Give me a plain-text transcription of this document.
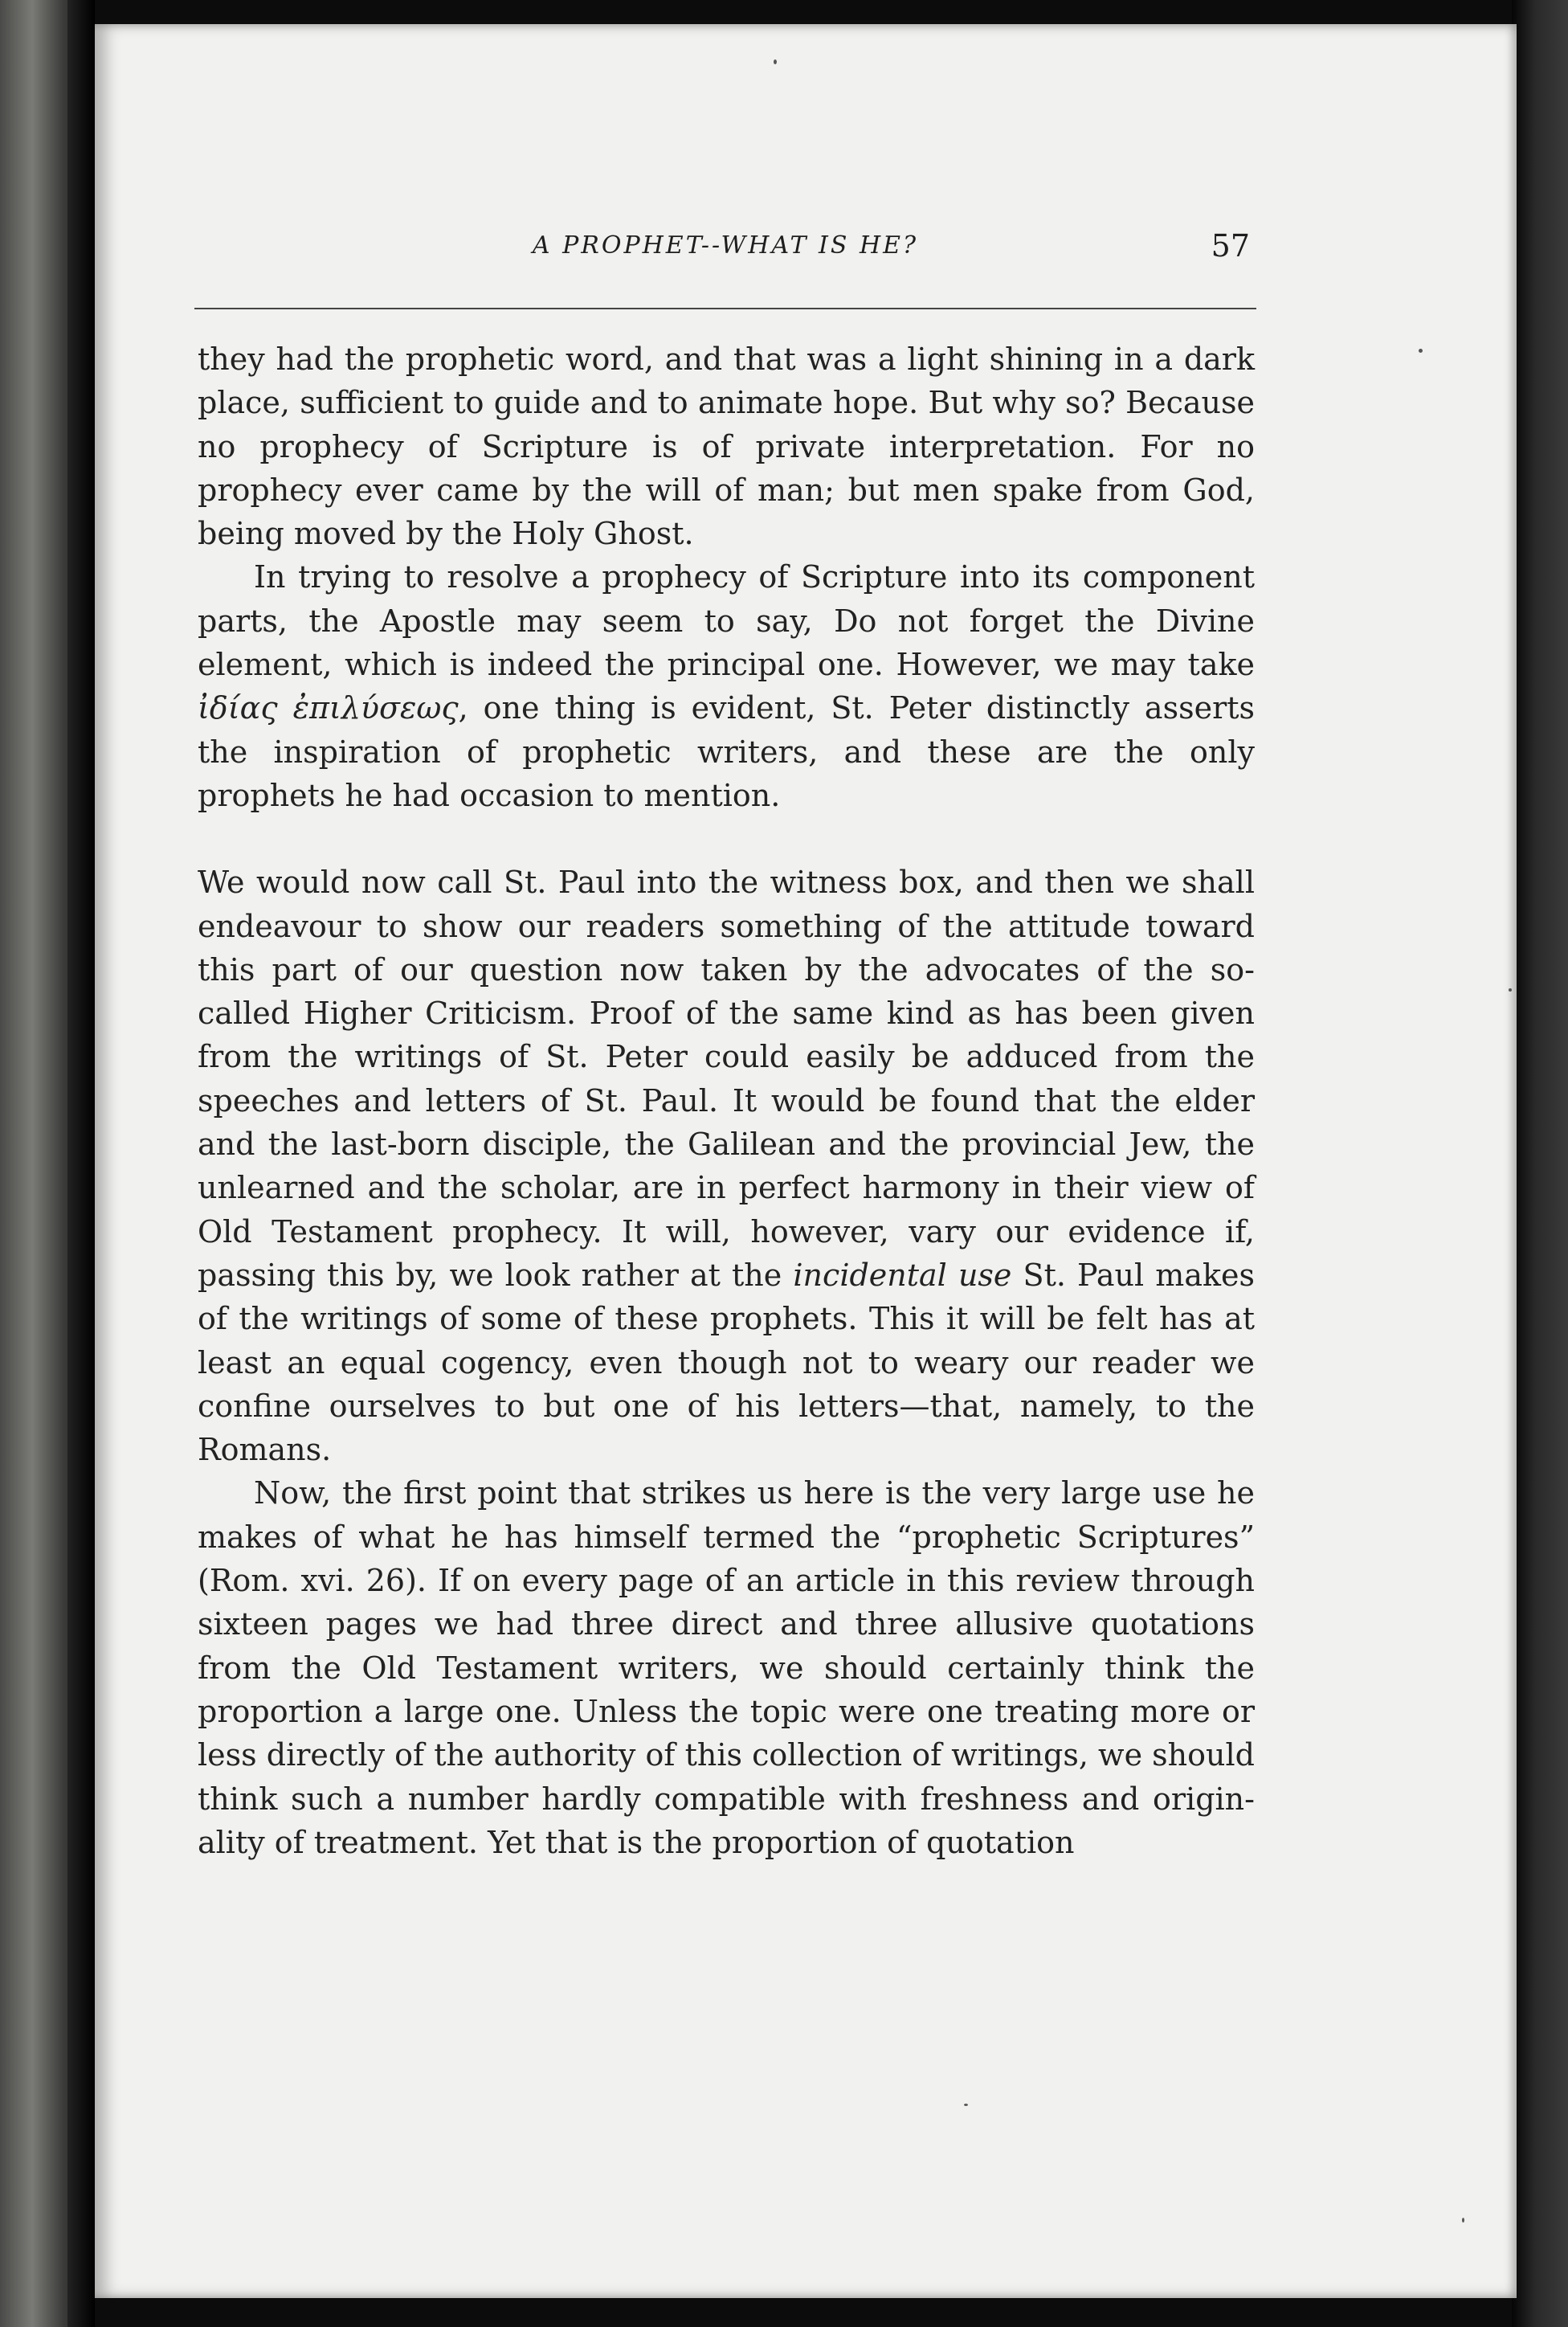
A PROPHET--WHAT IS HE?	57

they had the prophetic word, and that was a light shining in a dark place, sufficient to guide and to animate hope. But why so? Because no prophecy of Scripture is of private interpretation. For no prophecy ever came by the will of man; but men spake from God, being moved by the Holy Ghost.

In trying to resolve a prophecy of Scripture into its component parts, the Apostle may seem to say, Do not forget the Divine element, which is indeed the principal one. However, we may take ἰδίας ἐπιλύσεως, one thing is evident, St. Peter distinctly asserts the inspiration of prophetic writers, and these are the only prophets he had occasion to mention.

We would now call St. Paul into the witness box, and then we shall endeavour to show our readers something of the attitude toward this part of our question now taken by the advocates of the so-called Higher Criticism. Proof of the same kind as has been given from the writings of St. Peter could easily be adduced from the speeches and letters of St. Paul. It would be found that the elder and the last-born disciple, the Galilean and the provincial Jew, the unlearned and the scholar, are in perfect harmony in their view of Old Testament prophecy. It will, however, vary our evidence if, passing this by, we look rather at the incidental use St. Paul makes of the writings of some of these prophets. This it will be felt has at least an equal cogency, even though not to weary our reader we confine ourselves to but one of his letters—that, namely, to the Romans.

Now, the first point that strikes us here is the very large use he makes of what he has himself termed the “prophetic Scriptures” (Rom. xvi. 26). If on every page of an article in this review through sixteen pages we had three direct and three allusive quotations from the Old Testament writers, we should certainly think the proportion a large one. Unless the topic were one treating more or less directly of the authority of this collection of writings, we should think such a number hardly compatible with freshness and originality of treatment. Yet that is the proportion of quotation
